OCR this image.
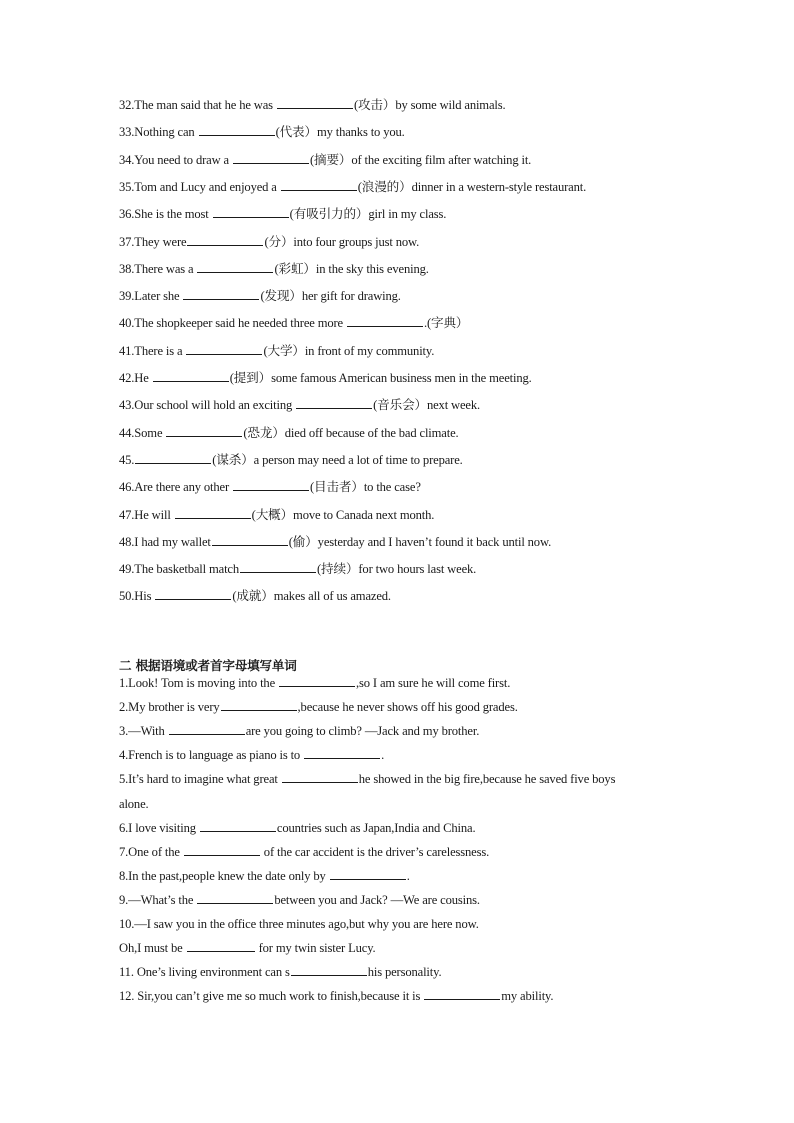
32.The man said that he he was	(攻击）by some wild animals.
33.Nothing can	(代表）my thanks to you.
34.You need to draw a	(摘要）of the exciting film after watching it.
35.Tom and Lucy and enjoyed a	(浪漫的）dinner in a western-style restaurant.
36.She is the most	(有吸引力的）girl in my class.
37.They were	(分）into four groups just now.
38.There was a	(彩虹）in the sky this evening.
39.Later she	(发现）her gift for drawing.
40.The shopkeeper said he needed three more	.(字典）
41.There is a	(大学）in front of my community.
42.He	(提到）some famous American business men in the meeting.
43.Our school will hold an exciting	(音乐会）next week.
44.Some	(恐龙）died off because of the bad climate.
45.	(谋杀）a person may need a lot of time to prepare.
46.Are there any other	(目击者）to the case?
47.He will	(大概）move to Canada next month.
48.I had my wallet	(偷）yesterday and I haven’t found it back until now.
49.The basketball match	(持续）for two hours last week.
50.His	(成就）makes all of us amazed.
二 根据语境或者首字母填写单词
1.Look! Tom is moving into the	,so I am sure he will come first.
2.My brother is very	,because he never shows off his good grades.
3.—With	are you going to climb? —Jack and my brother.
4.French is to language as piano is to	.
5.It’s hard to imagine what great	he showed in the big fire,because he saved five boys
alone.
6.I love visiting	countries such as Japan,India and China.
7.One of the	of the car accident is the driver’s carelessness.
8.In the past,people knew the date only by	.
9.—What’s the	between you and Jack? —We are cousins.
10.—I saw you in the office three minutes ago,but why you are here now.
Oh,I must be	for my twin sister Lucy.
11. One’s living environment can s	his personality.
12. Sir,you can’t give me so much work to finish,because it is	my ability.
